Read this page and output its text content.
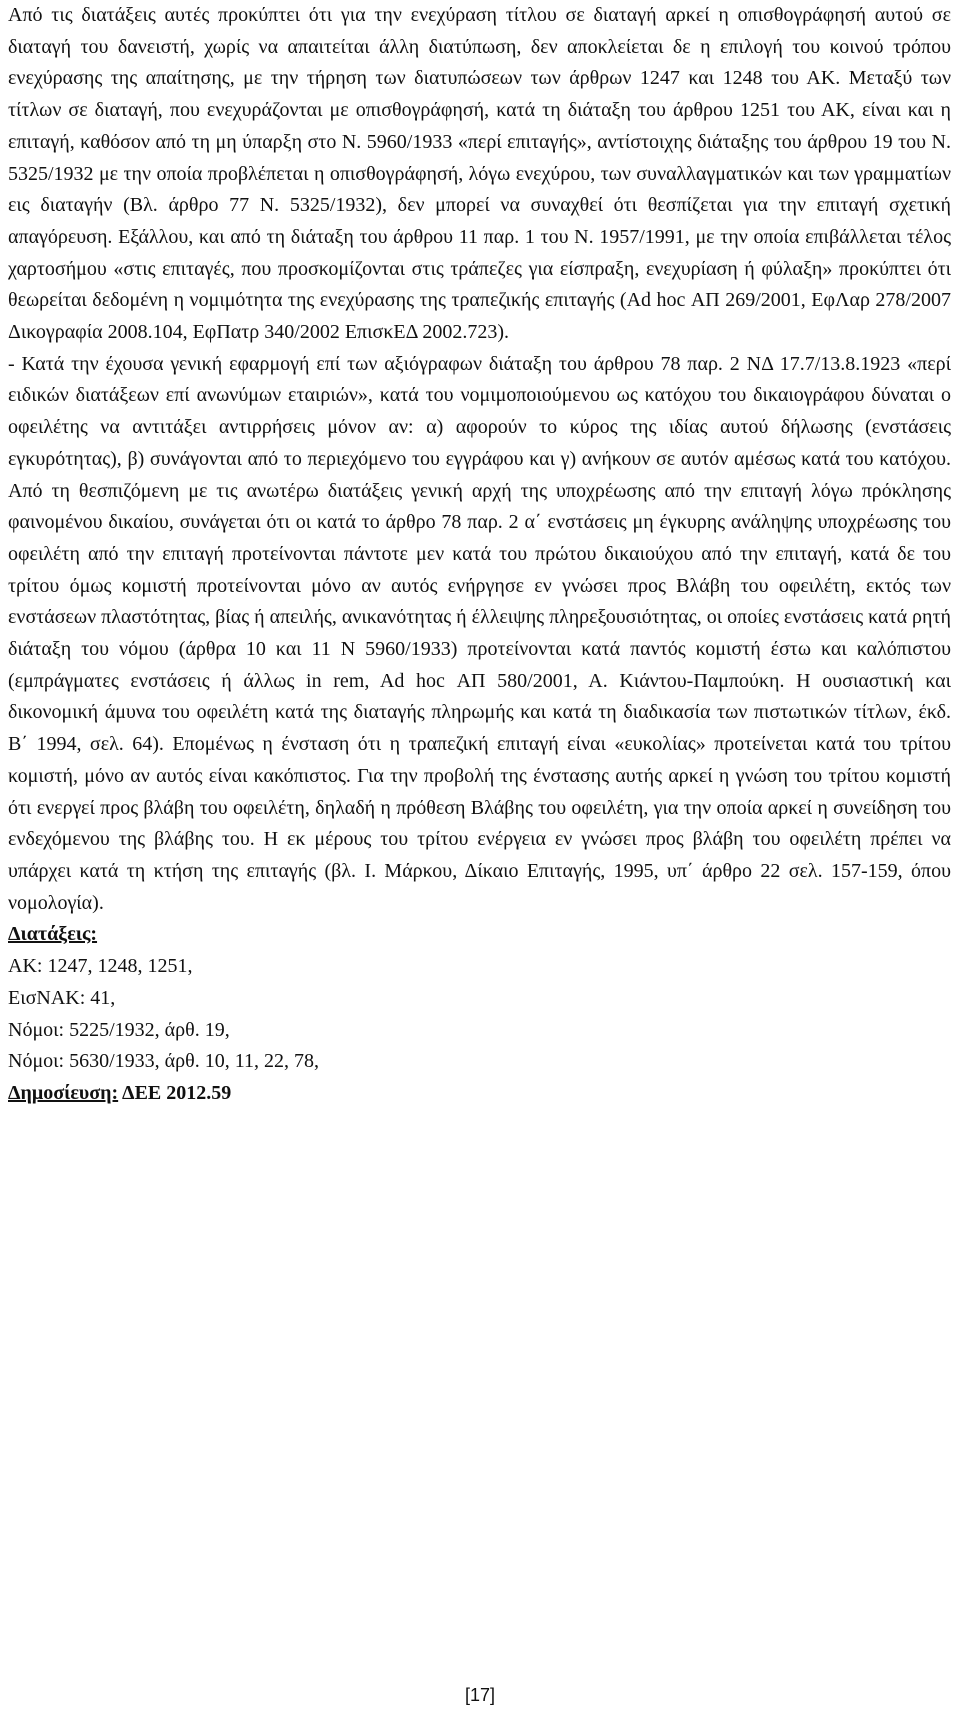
Από τις διατάξεις αυτές προκύπτει ότι για την ενεχύραση τίτλου σε διαταγή αρκεί η οπισθογράφησή αυτού σε διαταγή του δανειστή, χωρίς να απαιτείται άλλη διατύπωση, δεν αποκλείεται δε η επιλογή του κοινού τρόπου ενεχύρασης της απαίτησης, με την τήρηση των διατυπώσεων των άρθρων 1247 και 1248 του ΑΚ. Μεταξύ των τίτλων σε διαταγή, που ενεχυράζονται με οπισθογράφησή, κατά τη διάταξη του άρθρου 1251 του ΑΚ, είναι και η επιταγή, καθόσον από τη μη ύπαρξη στο Ν. 5960/1933 «περί επιταγής», αντίστοιχης διάταξης του άρθρου 19 του Ν. 5325/1932 με την οποία προβλέπεται η οπισθογράφησή, λόγω ενεχύρου, των συναλλαγματικών και των γραμματίων εις διαταγήν (Βλ. άρθρο 77 Ν. 5325/1932), δεν μπορεί να συναχθεί ότι θεσπίζεται για την επιταγή σχετική απαγόρευση. Εξάλλου, και από τη διάταξη του άρθρου 11 παρ. 1 του Ν. 1957/1991, με την οποία επιβάλλεται τέλος χαρτοσήμου «στις επιταγές, που προσκομίζονται στις τράπεζες για είσπραξη, ενεχυρίαση ή φύλαξη» προκύπτει ότι θεωρείται δεδομένη η νομιμότητα της ενεχύρασης της τραπεζικής επιταγής (Ad hoc ΑΠ 269/2001, ΕφΛαρ 278/2007 Δικογραφία 2008.104, ΕφΠατρ 340/2002 ΕπισκΕΔ 2002.723).
- Κατά την έχουσα γενική εφαρμογή επί των αξιόγραφων διάταξη του άρθρου 78 παρ. 2 ΝΔ 17.7/13.8.1923 «περί ειδικών διατάξεων επί ανωνύμων εταιριών», κατά του νομιμοποιούμενου ως κατόχου του δικαιογράφου δύναται ο οφειλέτης να αντιτάξει αντιρρήσεις μόνον αν: α) αφορούν το κύρος της ιδίας αυτού δήλωσης (ενστάσεις εγκυρότητας), β) συνάγονται από το περιεχόμενο του εγγράφου και γ) ανήκουν σε αυτόν αμέσως κατά του κατόχου. Από τη θεσπιζόμενη με τις ανωτέρω διατάξεις γενική αρχή της υποχρέωσης από την επιταγή λόγω πρόκλησης φαινομένου δικαίου, συνάγεται ότι οι κατά το άρθρο 78 παρ. 2 α΄ ενστάσεις μη έγκυρης ανάληψης υποχρέωσης του οφειλέτη από την επιταγή προτείνονται πάντοτε μεν κατά του πρώτου δικαιούχου από την επιταγή, κατά δε του τρίτου όμως κομιστή προτείνονται μόνο αν αυτός ενήργησε εν γνώσει προς Βλάβη του οφειλέτη, εκτός των ενστάσεων πλαστότητας, βίας ή απειλής, ανικανότητας ή έλλειψης πληρεξουσιότητας, οι οποίες ενστάσεις κατά ρητή διάταξη του νόμου (άρθρα 10 και 11 Ν 5960/1933) προτείνονται κατά παντός κομιστή έστω και καλόπιστου (εμπράγματες ενστάσεις ή άλλως in rem, Ad hoc ΑΠ 580/2001, Α. Κιάντου-Παμπούκη. Η ουσιαστική και δικονομική άμυνα του οφειλέτη κατά της διαταγής πληρωμής και κατά τη διαδικασία των πιστωτικών τίτλων, έκδ. Β΄ 1994, σελ. 64). Επομένως η ένσταση ότι η τραπεζική επιταγή είναι «ευκολίας» προτείνεται κατά του τρίτου κομιστή, μόνο αν αυτός είναι κακόπιστος. Για την προβολή της ένστασης αυτής αρκεί η γνώση του τρίτου κομιστή ότι ενεργεί προς βλάβη του οφειλέτη, δηλαδή η πρόθεση Βλάβης του οφειλέτη, για την οποία αρκεί η συνείδηση του ενδεχόμενου της βλάβης του. Η εκ μέρους του τρίτου ενέργεια εν γνώσει προς βλάβη του οφειλέτη πρέπει να υπάρχει κατά τη κτήση της επιταγής (βλ. Ι. Μάρκου, Δίκαιο Επιταγής, 1995, υπ΄ άρθρο 22 σελ. 157-159, όπου νομολογία).

Διατάξεις:
ΑΚ: 1247, 1248, 1251,
ΕισΝΑΚ: 41,
Νόμοι: 5225/1932, άρθ. 19,
Νόμοι: 5630/1933, άρθ. 10, 11, 22, 78,
Δημοσίευση: ΔΕΕ 2012.59
[17]
